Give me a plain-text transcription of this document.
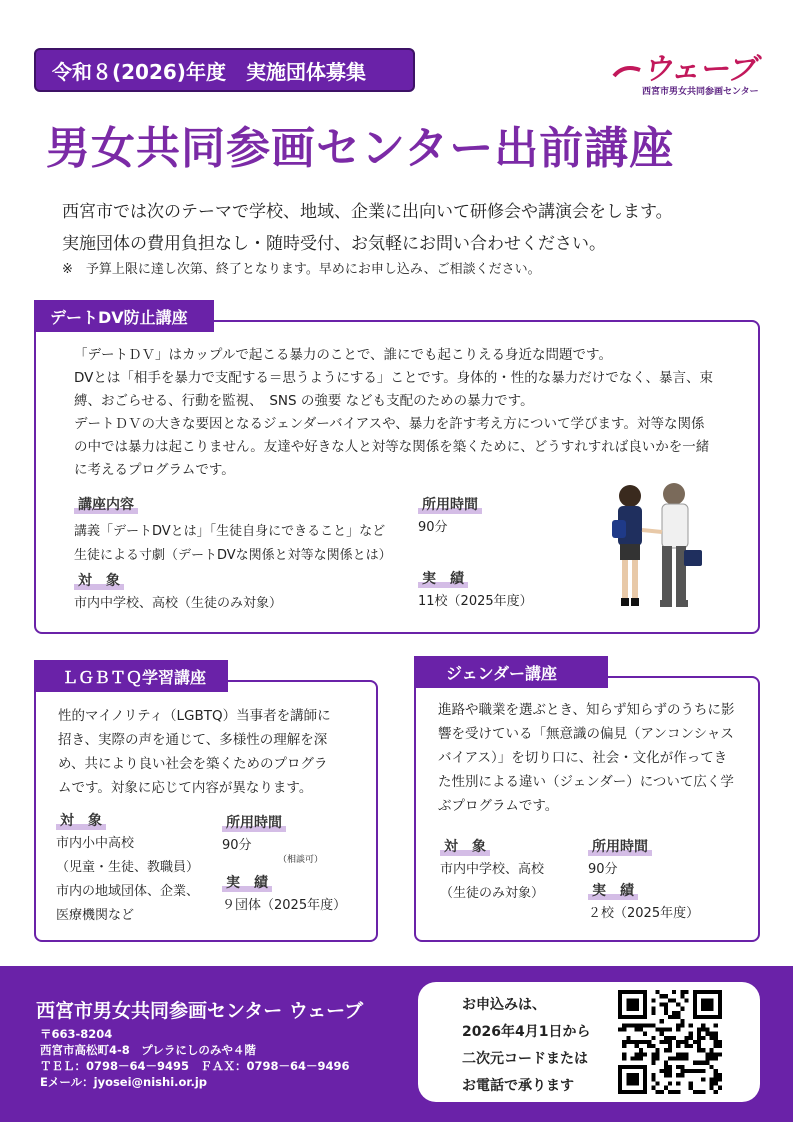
令和８(2026)年度　実施団体募集	ウェーブ
西宮市男女共同参画センター
男女共同参画センター出前講座
西宮市では次のテーマで学校、地域、企業に出向いて研修会や講演会をします。
実施団体の費用負担なし・随時受付、お気軽にお問い合わせください。
※　予算上限に達し次第、終了となります。早めにお申し込み、ご相談ください。
デートDV防止講座
「デートＤＶ」はカップルで起こる暴力のことで、誰にでも起こりえる身近な問題です。
DVとは「相手を暴力で支配する＝思うようにする」ことです。身体的・性的な暴力だけでなく、暴言、束
縛、おごらせる、行動を監視、　SNS の強要 なども支配のための暴力です。
デートＤＶの大きな要因となるジェンダーバイアスや、暴力を許す考え方について学びます。対等な関係
の中では暴力は起こりません。友達や好きな人と対等な関係を築くために、どうすれすれば良いかを一緒
に考えるプログラムです。
講座内容
講義「デートDVとは」「生徒自身にできること」など
生徒による寸劇（デートDVな関係と対等な関係とは）
所用時間
90分
対　象
市内中学校、高校（生徒のみ対象）
実　績
11校（2025年度）
ＬＧＢＴＱ学習講座
性的マイノリティ（LGBTQ）当事者を講師に
招き、実際の声を通じて、多様性の理解を深
め、共により良い社会を築くためのプログラ
ムです。対象に応じて内容が異なります。
対　象
市内小中高校
（児童・生徒、教職員）
市内の地域団体、企業、
医療機関など
所用時間
90分
（相談可）
実　績
９団体（2025年度）
ジェンダー講座
進路や職業を選ぶとき、知らず知らずのうちに影
響を受けている「無意識の偏見（アンコンシャス
バイアス）」を切り口に、社会・文化が作ってき
た性別による違い（ジェンダー）について広く学
ぶプログラムです。
対　象
市内中学校、高校
（生徒のみ対象）
所用時間
90分
実　績
２校（2025年度）
西宮市男女共同参画センター ウェーブ
〒663-8204
西宮市高松町4-8　プレラにしのみや４階
ＴＥＬ：0798－64－9495　ＦＡＸ：0798－64－9496
Eメール：jyosei@nishi.or.jp
お申込みは、
2026年4月1日から
二次元コードまたは
お電話で承ります
